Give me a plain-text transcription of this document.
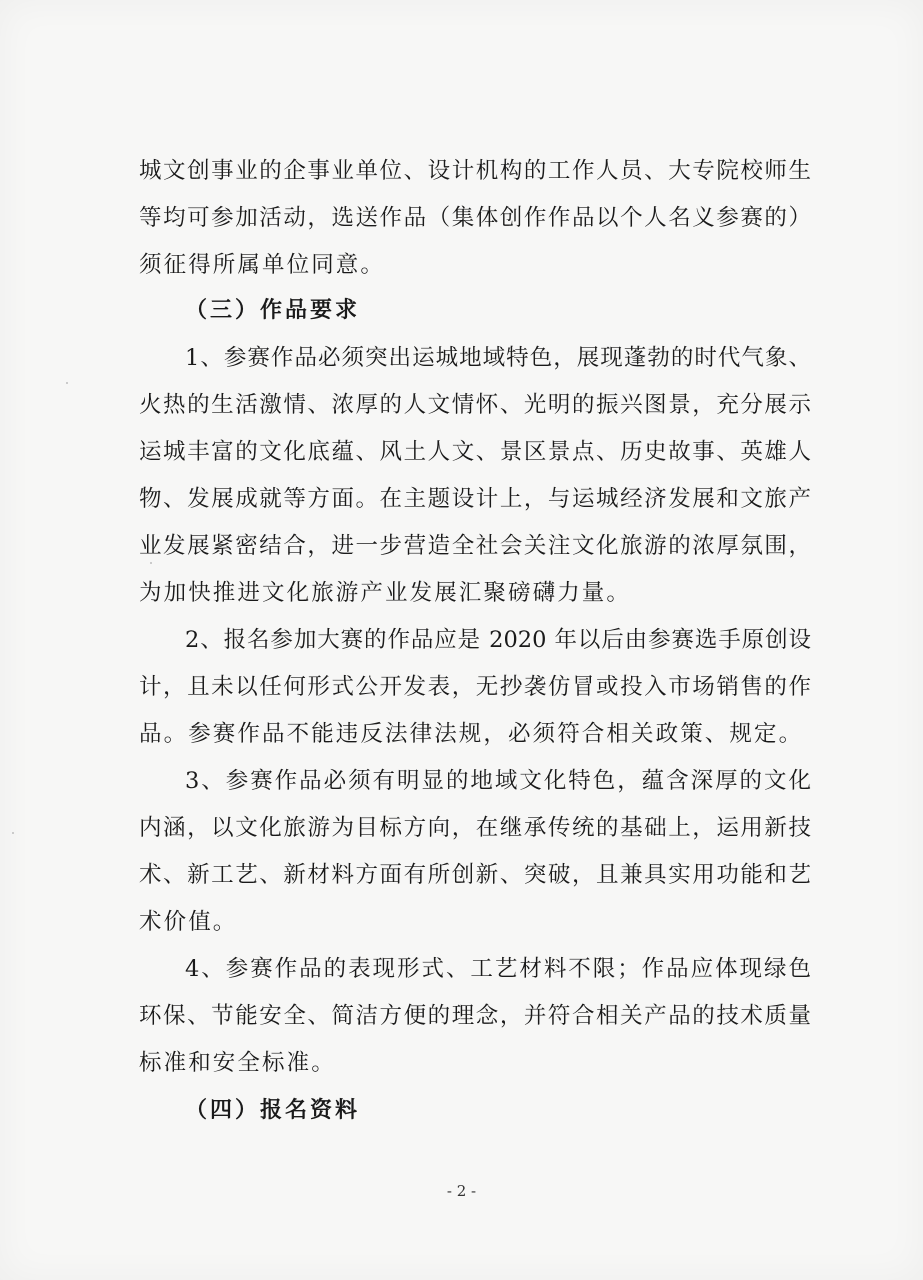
城文创事业的企事业单位、设计机构的工作人员、大专院校师生

等均可参加活动，选送作品（集体创作作品以个人名义参赛的）

须征得所属单位同意。

（三）作品要求

1、参赛作品必须突出运城地域特色，展现蓬勃的时代气象、

火热的生活激情、浓厚的人文情怀、光明的振兴图景，充分展示

运城丰富的文化底蕴、风土人文、景区景点、历史故事、英雄人

物、发展成就等方面。在主题设计上，与运城经济发展和文旅产

业发展紧密结合，进一步营造全社会关注文化旅游的浓厚氛围，

为加快推进文化旅游产业发展汇聚磅礴力量。

2、报名参加大赛的作品应是 2020 年以后由参赛选手原创设

计，且未以任何形式公开发表，无抄袭仿冒或投入市场销售的作

品。参赛作品不能违反法律法规，必须符合相关政策、规定。

3、参赛作品必须有明显的地域文化特色，蕴含深厚的文化

内涵，以文化旅游为目标方向，在继承传统的基础上，运用新技

术、新工艺、新材料方面有所创新、突破，且兼具实用功能和艺

术价值。

4、参赛作品的表现形式、工艺材料不限；作品应体现绿色

环保、节能安全、简洁方便的理念，并符合相关产品的技术质量

标准和安全标准。

（四）报名资料

- 2 -
